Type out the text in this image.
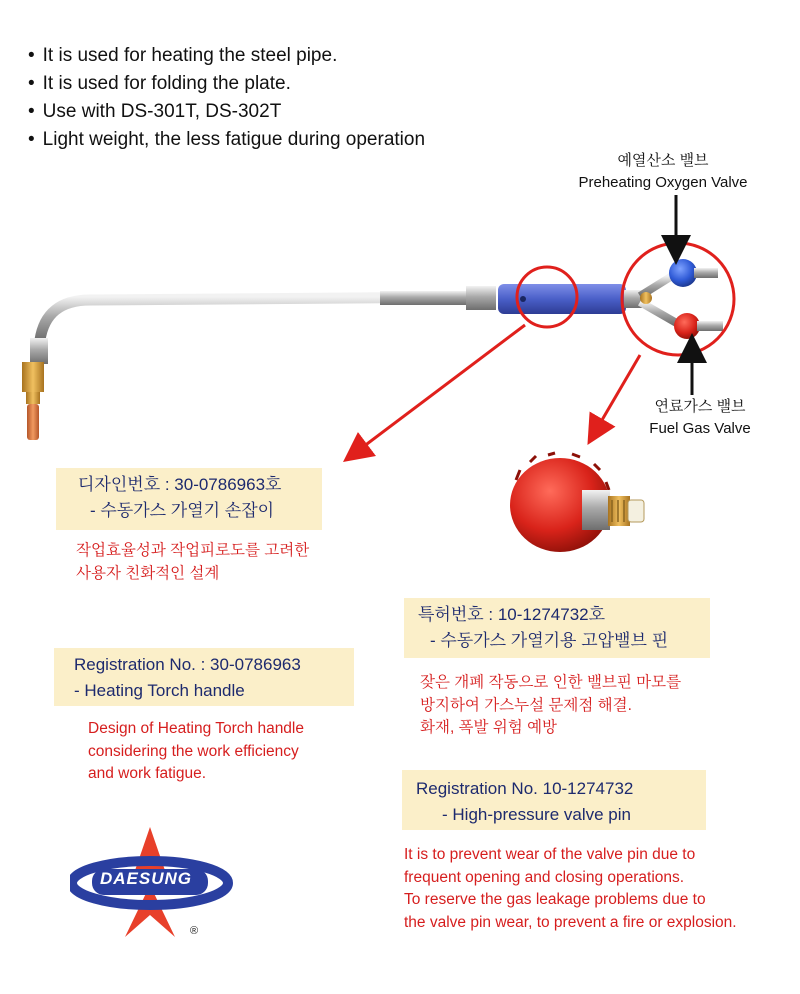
• It is used for heating the steel pipe.
• It is used for folding the plate.
• Use with DS-301T, DS-302T
• Light weight, the less fatigue during operation
예열산소 밸브
Preheating Oxygen Valve
연료가스 밸브
Fuel Gas Valve

디자인번호 : 30-0786963호

- 수동가스 가열기 손잡이

작업효율성과 작업피로도를 고려한
사용자 친화적인 설계

Registration No. : 30-0786963

- Heating Torch handle

Design of Heating Torch handle
considering the work efficiency
and work fatigue.

특허번호 : 10-1274732호

- 수동가스 가열기용 고압밸브 핀

잦은 개폐 작동으로 인한 밸브핀 마모를
방지하여 가스누설 문제점 해결.
화재, 폭발 위험 예방

Registration No. 10-1274732

- High-pressure valve pin

It is to prevent wear of the valve pin due to
frequent opening and closing operations.
To reserve the gas leakage problems due to
the valve pin wear, to prevent a fire or explosion.
DAESUNG
®
